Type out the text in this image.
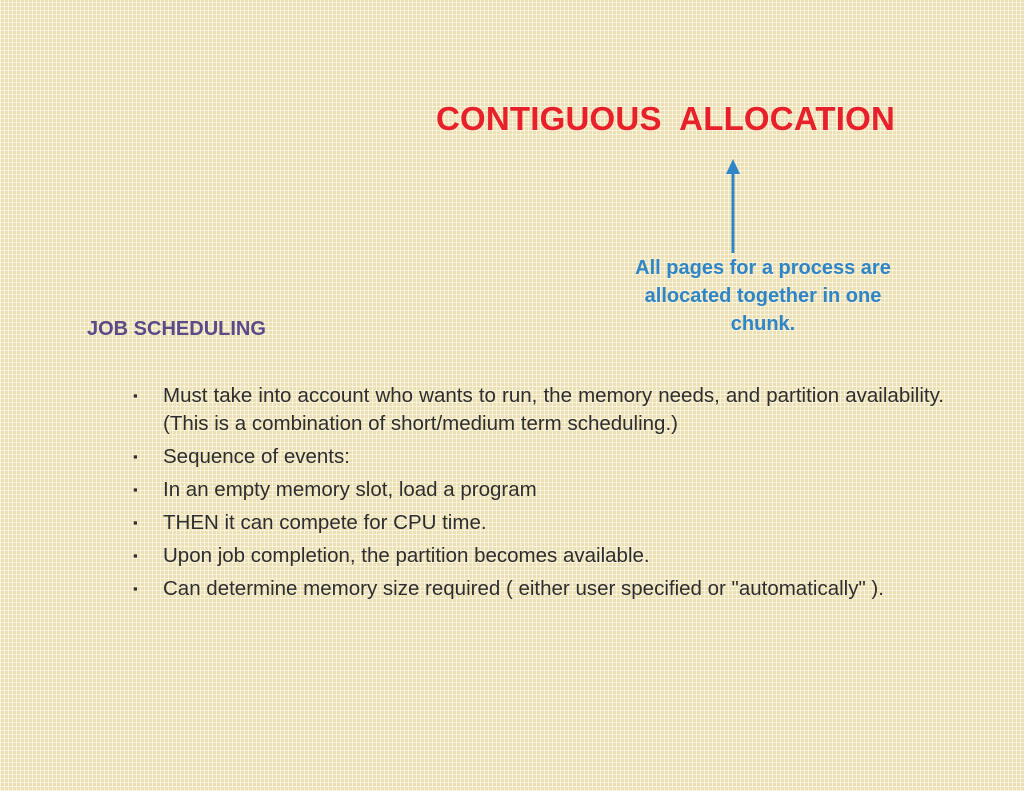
CONTIGUOUS  ALLOCATION

All pages for a process are
allocated together in one
chunk.

JOB SCHEDULING
▪ Must take into account who wants to run, the memory needs, and partition availability. (This is a combination of short/medium term scheduling.)
▪ Sequence of events:
▪ In an empty memory slot, load a program
▪ THEN it can compete for CPU time.
▪ Upon job completion, the partition becomes available.
▪ Can determine memory size required ( either user specified or "automatically" ).
